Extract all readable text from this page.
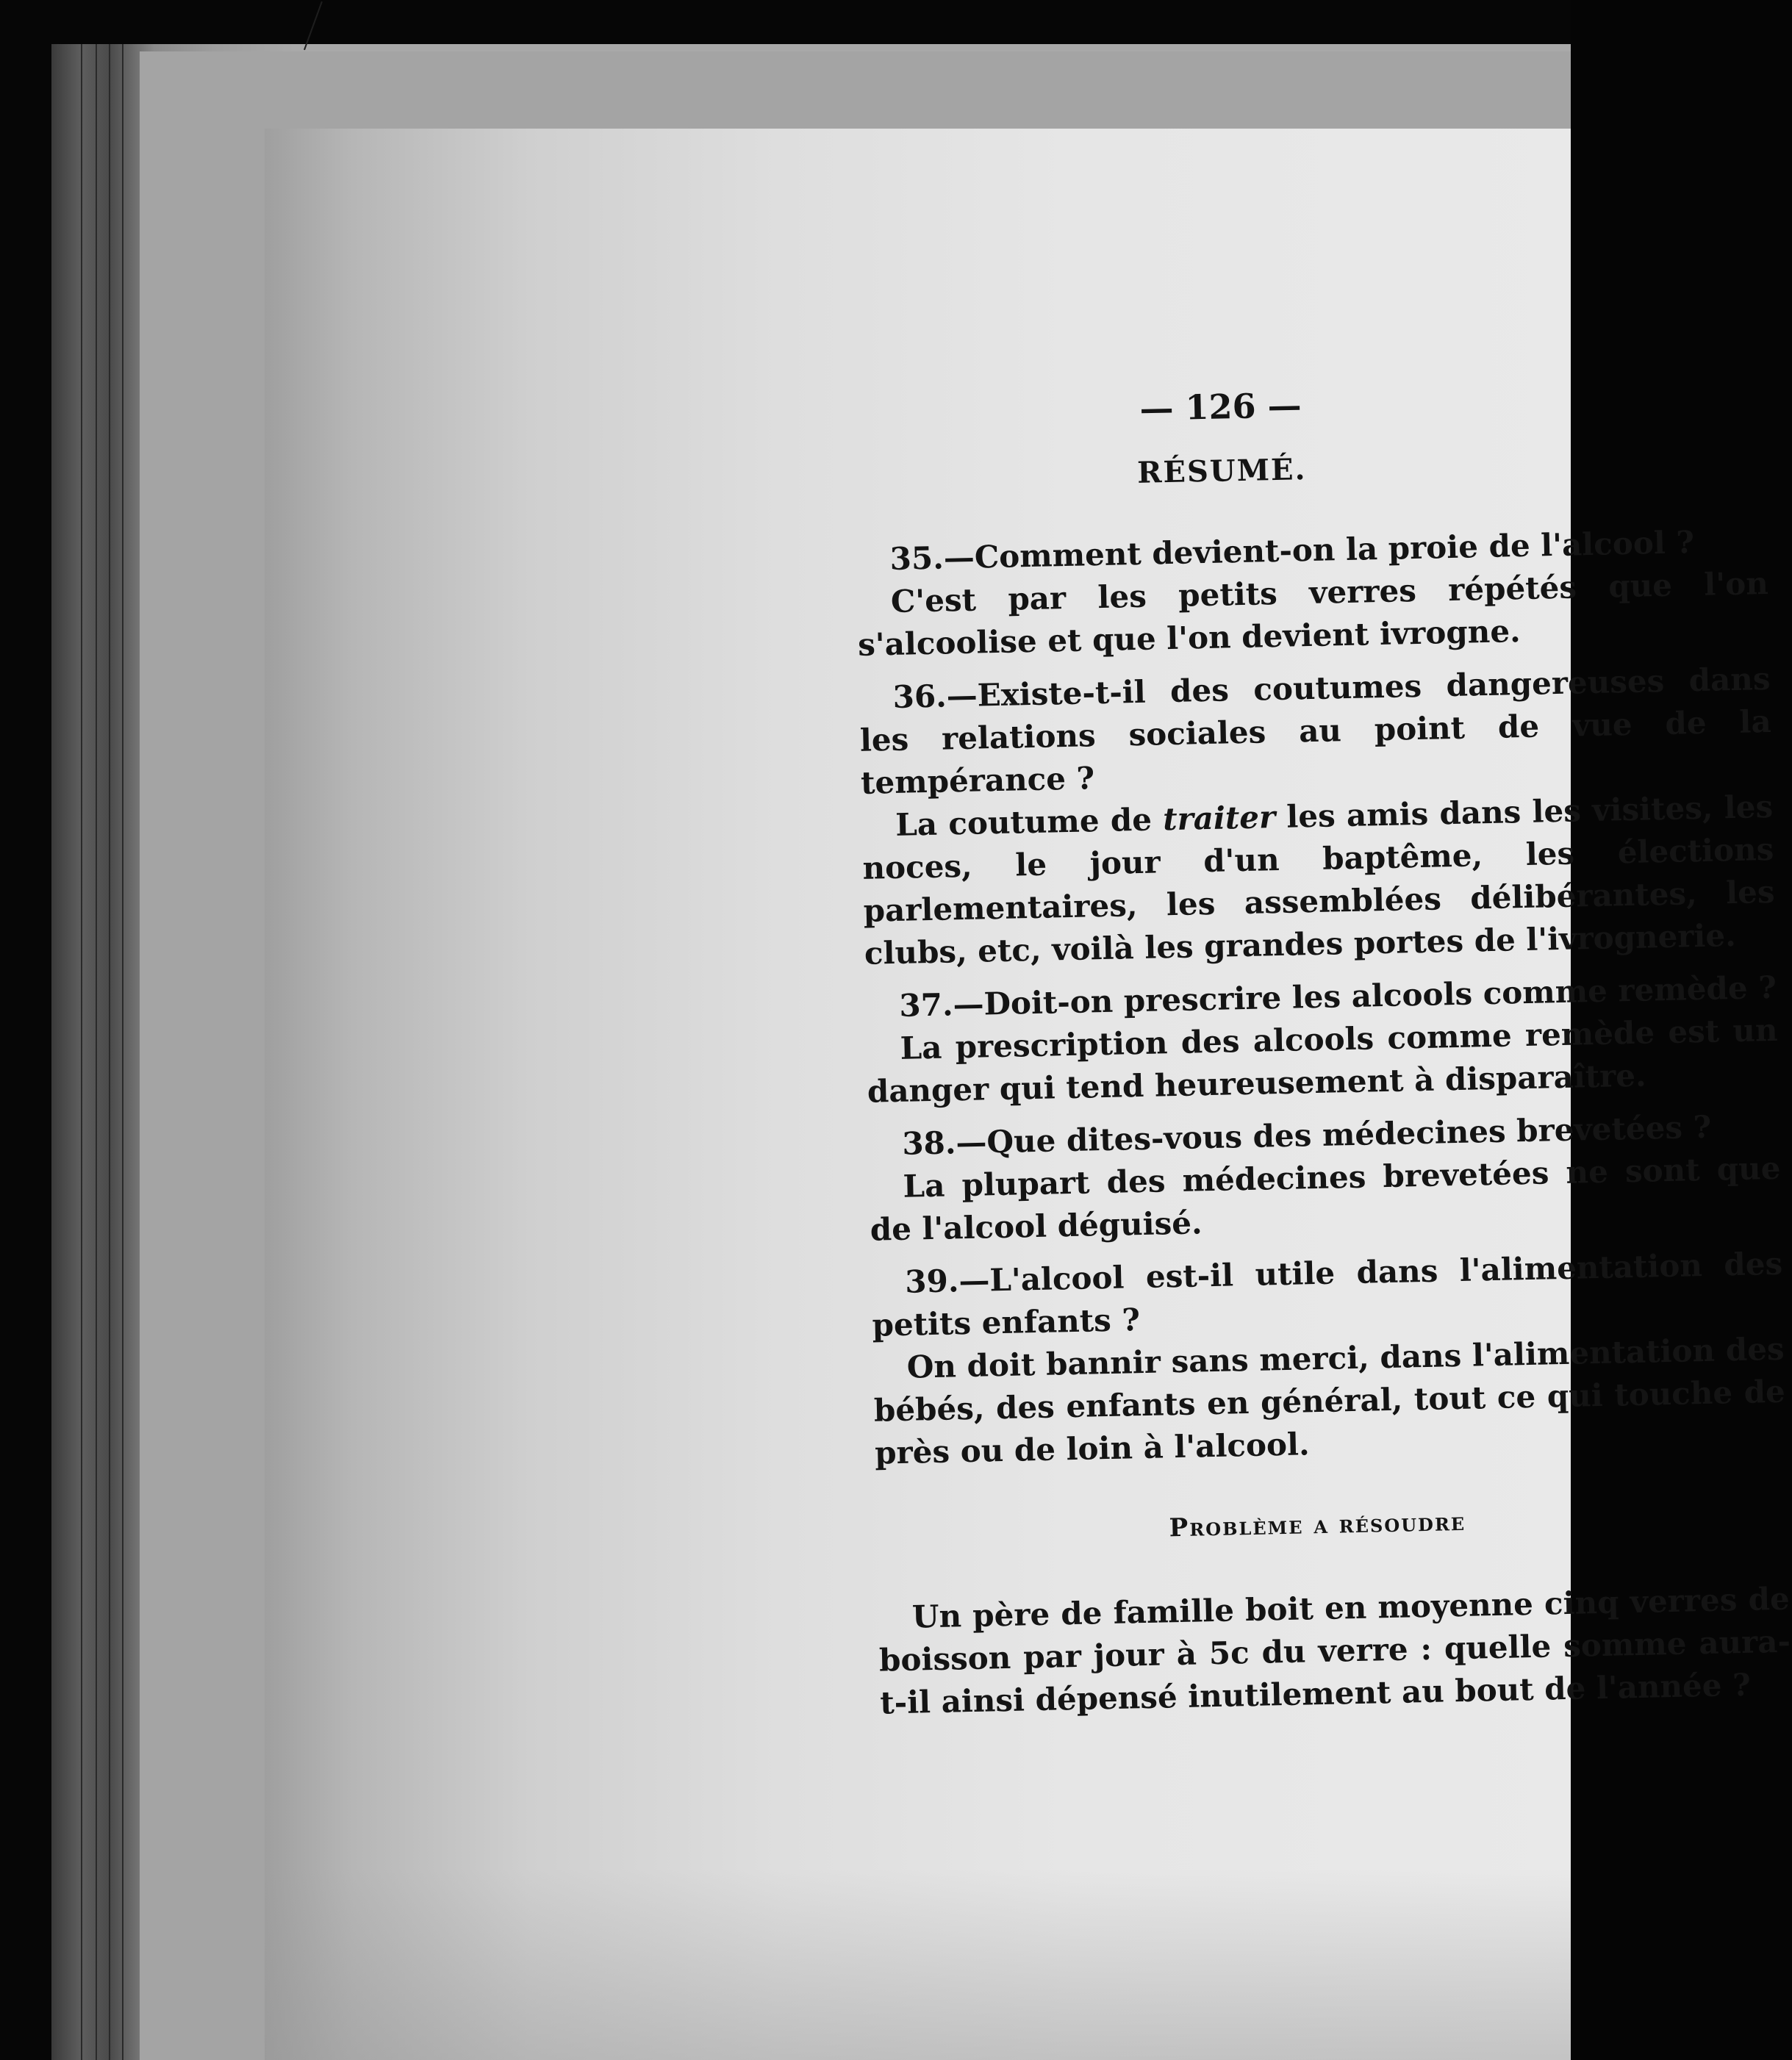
— 126 —
RÉSUMÉ.

35.—Comment devient-on la proie de l'alcool ?

C'est par les petits verres répétés que l'on s'alcoolise et que l'on devient ivrogne.

36.—Existe-t-il des coutumes dangereuses dans les relations sociales au point de vue de la tempérance ?

La coutume de traiter les amis dans les visites, les noces, le jour d'un baptême, les élections parlementaires, les assemblées délibérantes, les clubs, etc, voilà les grandes portes de l'ivrognerie.

37.—Doit-on prescrire les alcools comme remède ?

La prescription des alcools comme remède est un danger qui tend heureusement à disparaître.

38.—Que dites-vous des médecines brevetées ?

La plupart des médecines brevetées ne sont que de l'alcool déguisé.

39.—L'alcool est-il utile dans l'alimentation des petits enfants ?

On doit bannir sans merci, dans l'alimentation des bébés, des enfants en général, tout ce qui touche de près ou de loin à l'alcool.

Problème a résoudre

Un père de famille boit en moyenne cinq verres de boisson par jour à 5c du verre : quelle somme aura-t-il ainsi dépensé inutilement au bout de l'année ?
